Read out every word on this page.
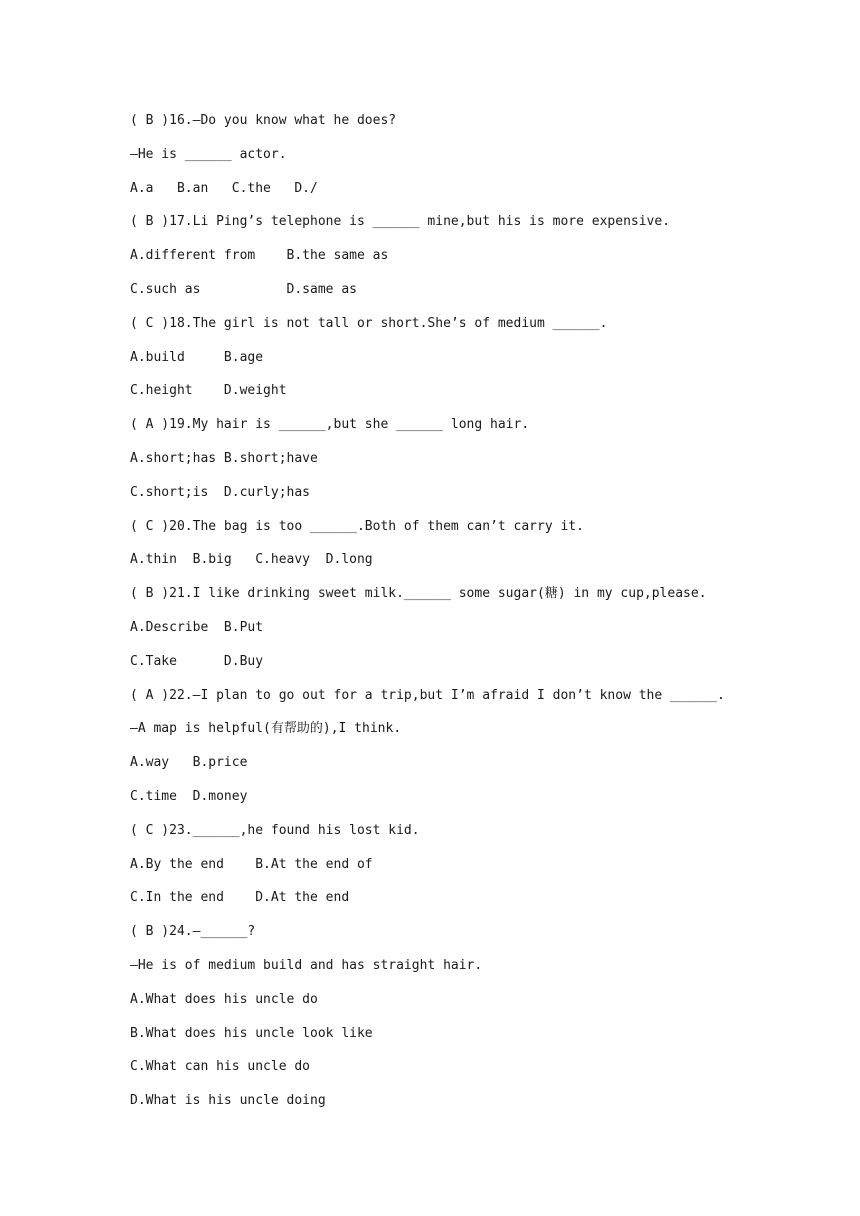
( B )16.—Do you know what he does?
—He is ______ actor.
A.a   B.an   C.the   D./
( B )17.Li Ping’s telephone is ______ mine,but his is more expensive.
A.different from    B.the same as
C.such as           D.same as
( C )18.The girl is not tall or short.She’s of medium ______.
A.build     B.age
C.height    D.weight
( A )19.My hair is ______,but she ______ long hair.
A.short;has B.short;have
C.short;is  D.curly;has
( C )20.The bag is too ______.Both of them can’t carry it.
A.thin  B.big   C.heavy  D.long
( B )21.I like drinking sweet milk.______ some sugar(糖) in my cup,please.
A.Describe  B.Put
C.Take      D.Buy
( A )22.—I plan to go out for a trip,but I’m afraid I don’t know the ______.
—A map is helpful(有帮助的),I think.
A.way   B.price
C.time  D.money
( C )23.______,he found his lost kid.
A.By the end    B.At the end of
C.In the end    D.At the end
( B )24.—______?
—He is of medium build and has straight hair.
A.What does his uncle do
B.What does his uncle look like
C.What can his uncle do
D.What is his uncle doing
